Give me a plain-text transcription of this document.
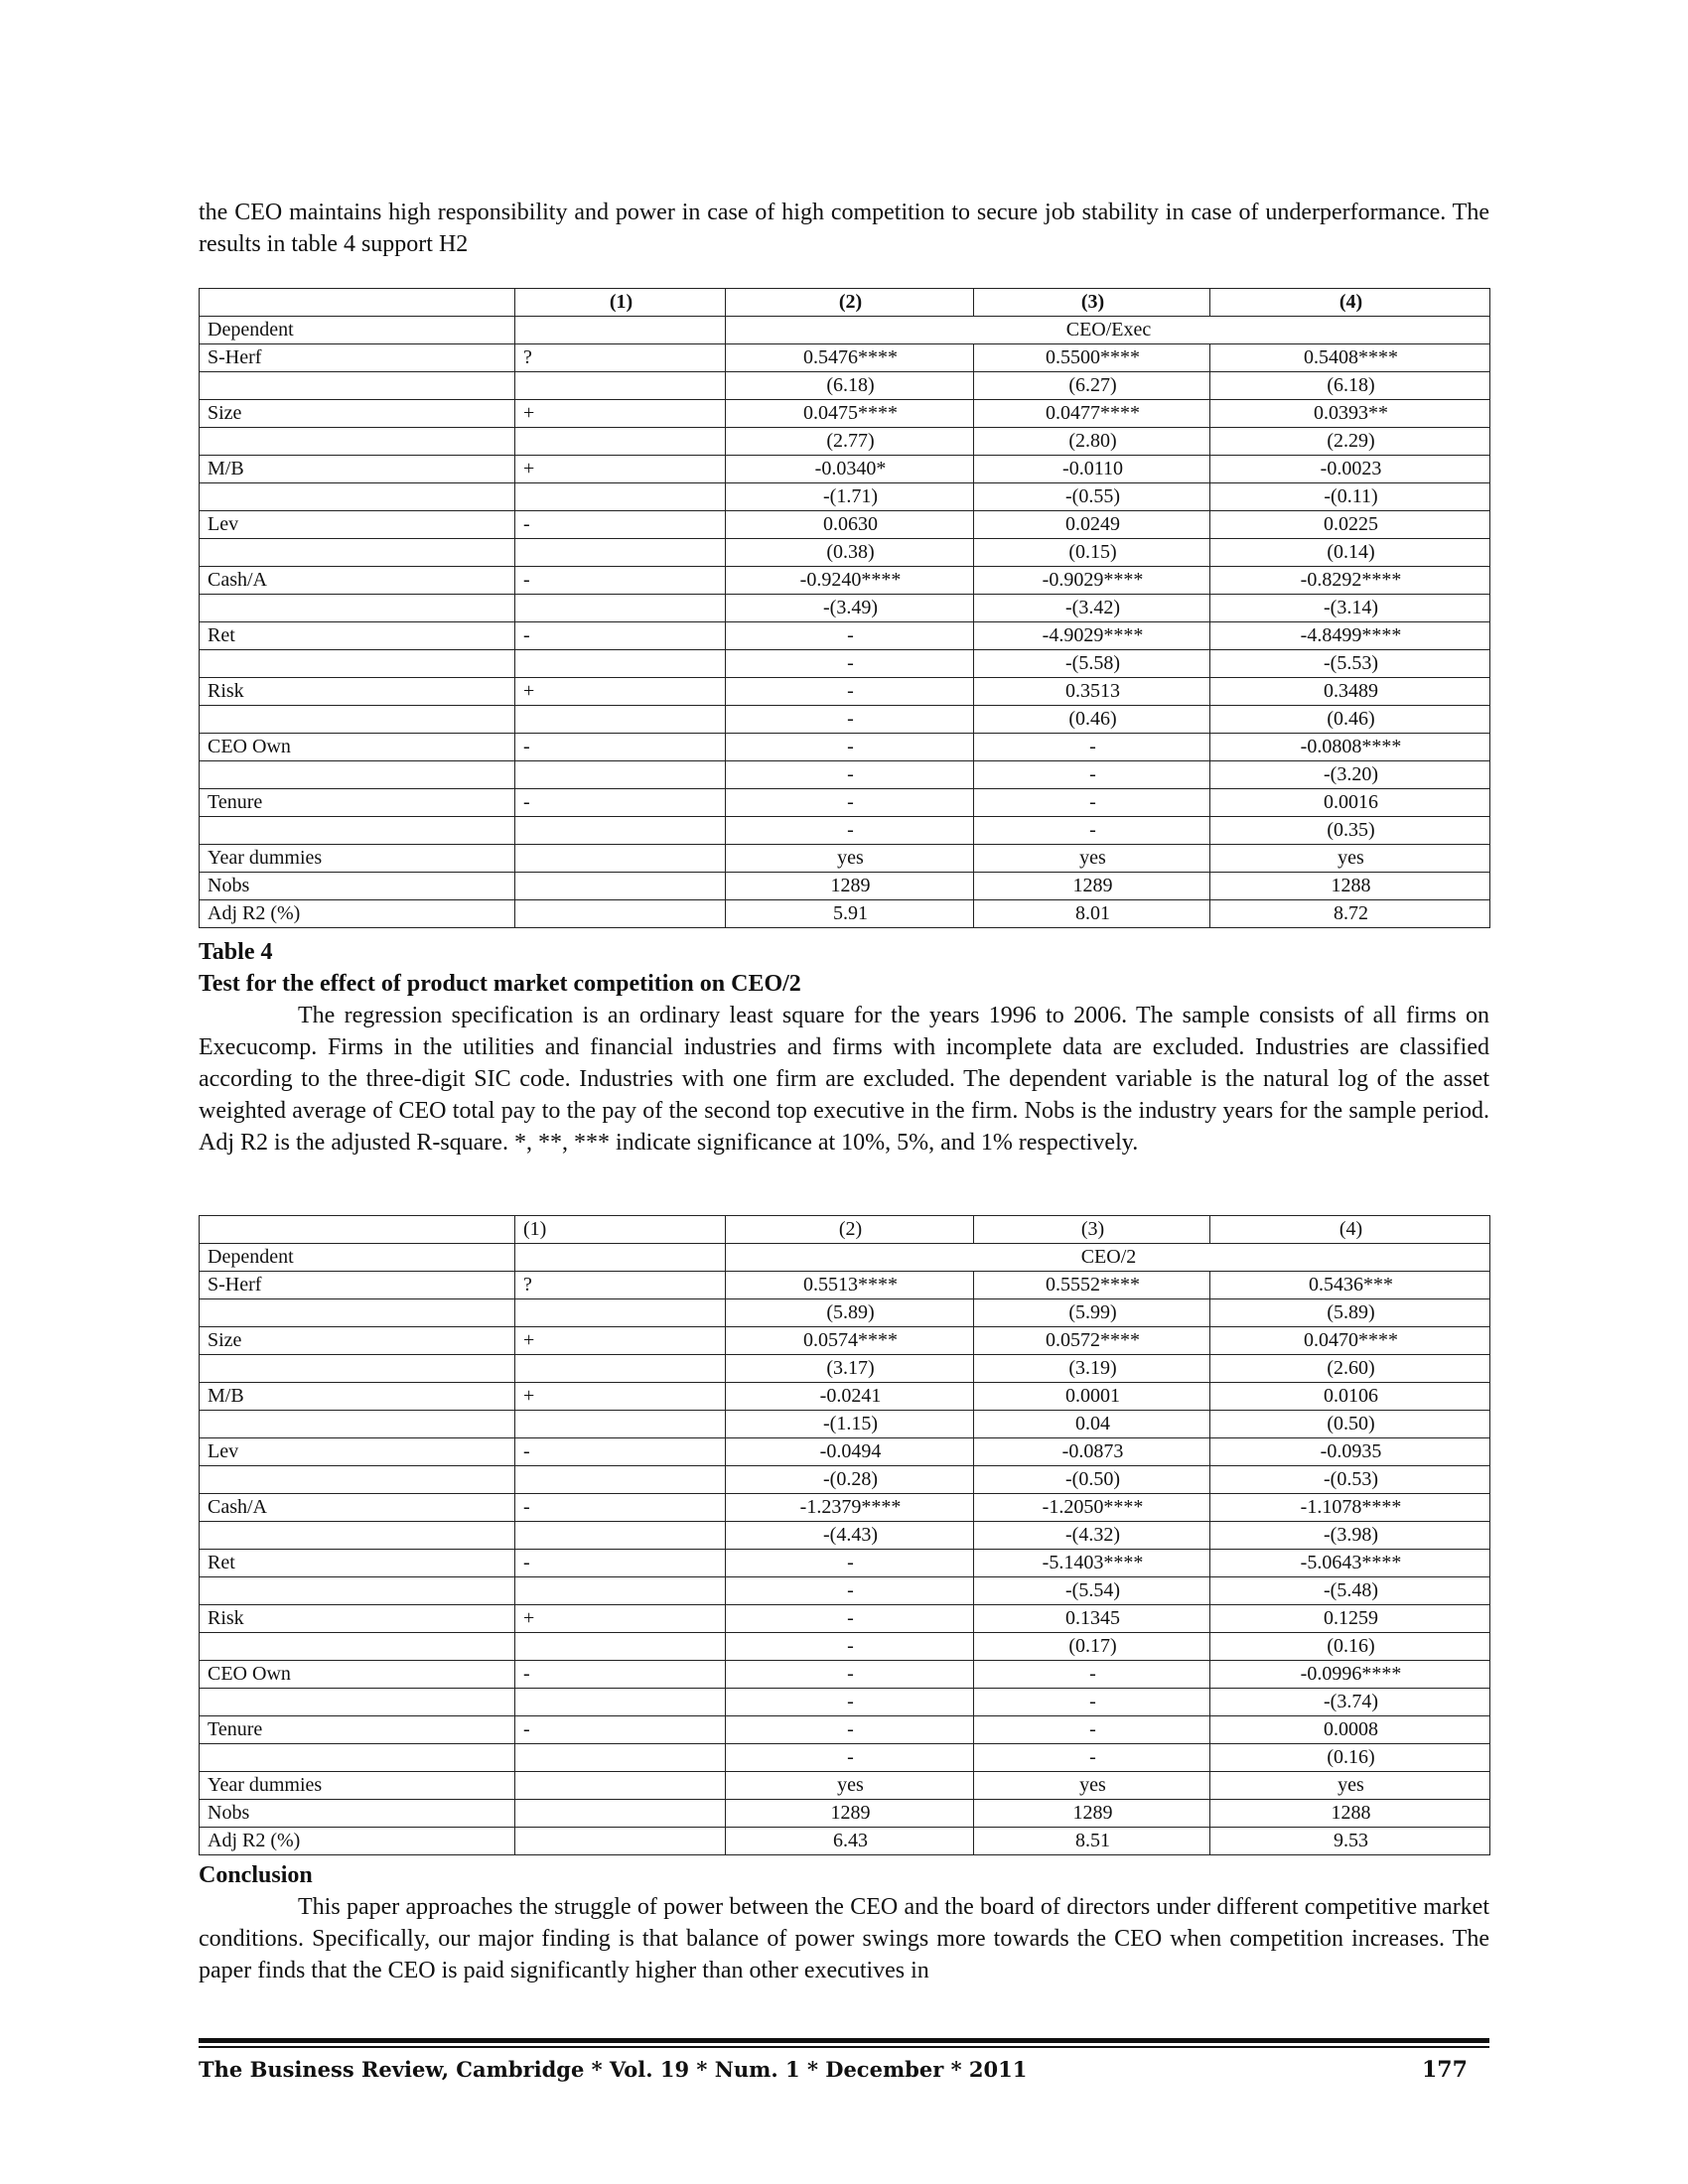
the CEO maintains high responsibility and power in case of high competition to secure job stability in case of underperformance. The results in table 4 support H2

	(1)	(2)	(3)	(4)
Dependent		CEO/Exec		
S-Herf	?	0.5476****	0.5500****	0.5408****
		(6.18)	(6.27)	(6.18)
Size	+	0.0475****	0.0477****	0.0393**
		(2.77)	(2.80)	(2.29)
M/B	+	-0.0340*	-0.0110	-0.0023
		-(1.71)	-(0.55)	-(0.11)
Lev	-	0.0630	0.0249	0.0225
		(0.38)	(0.15)	(0.14)
Cash/A	-	-0.9240****	-0.9029****	-0.8292****
		-(3.49)	-(3.42)	-(3.14)
Ret	-	-	-4.9029****	-4.8499****
		-	-(5.58)	-(5.53)
Risk	+	-	0.3513	0.3489
		-	(0.46)	(0.46)
CEO Own	-	-	-	-0.0808****
		-	-	-(3.20)
Tenure	-	-	-	0.0016
		-	-	(0.35)
Year dummies		yes	yes	yes
Nobs		1289	1289	1288
Adj R2 (%)		5.91	8.01	8.72

Table 4

Test for the effect of product market competition on CEO/2

The regression specification is an ordinary least square for the years 1996 to 2006. The sample consists of all firms on Execucomp. Firms in the utilities and financial industries and firms with incomplete data are excluded. Industries are classified according to the three-digit SIC code. Industries with one firm are excluded. The dependent variable is the natural log of the asset weighted average of CEO total pay to the pay of the second top executive in the firm. Nobs is the industry years for the sample period. Adj R2 is the adjusted R-square. *, **, *** indicate significance at 10%, 5%, and 1% respectively.

	(1)	(2)	(3)	(4)
Dependent		CEO/2		
S-Herf	?	0.5513****	0.5552****	0.5436***
		(5.89)	(5.99)	(5.89)
Size	+	0.0574****	0.0572****	0.0470****
		(3.17)	(3.19)	(2.60)
M/B	+	-0.0241	0.0001	0.0106
		-(1.15)	0.04	(0.50)
Lev	-	-0.0494	-0.0873	-0.0935
		-(0.28)	-(0.50)	-(0.53)
Cash/A	-	-1.2379****	-1.2050****	-1.1078****
		-(4.43)	-(4.32)	-(3.98)
Ret	-	-	-5.1403****	-5.0643****
		-	-(5.54)	-(5.48)
Risk	+	-	0.1345	0.1259
		-	(0.17)	(0.16)
CEO Own	-	-	-	-0.0996****
		-	-	-(3.74)
Tenure	-	-	-	0.0008
		-	-	(0.16)
Year dummies		yes	yes	yes
Nobs		1289	1289	1288
Adj R2 (%)		6.43	8.51	9.53

Conclusion

This paper approaches the struggle of power between the CEO and the board of directors under different competitive market conditions. Specifically, our major finding is that balance of power swings more towards the CEO when competition increases. The paper finds that the CEO is paid significantly higher than other executives in

The Business Review, Cambridge * Vol. 19 * Num. 1 * December * 2011	177
